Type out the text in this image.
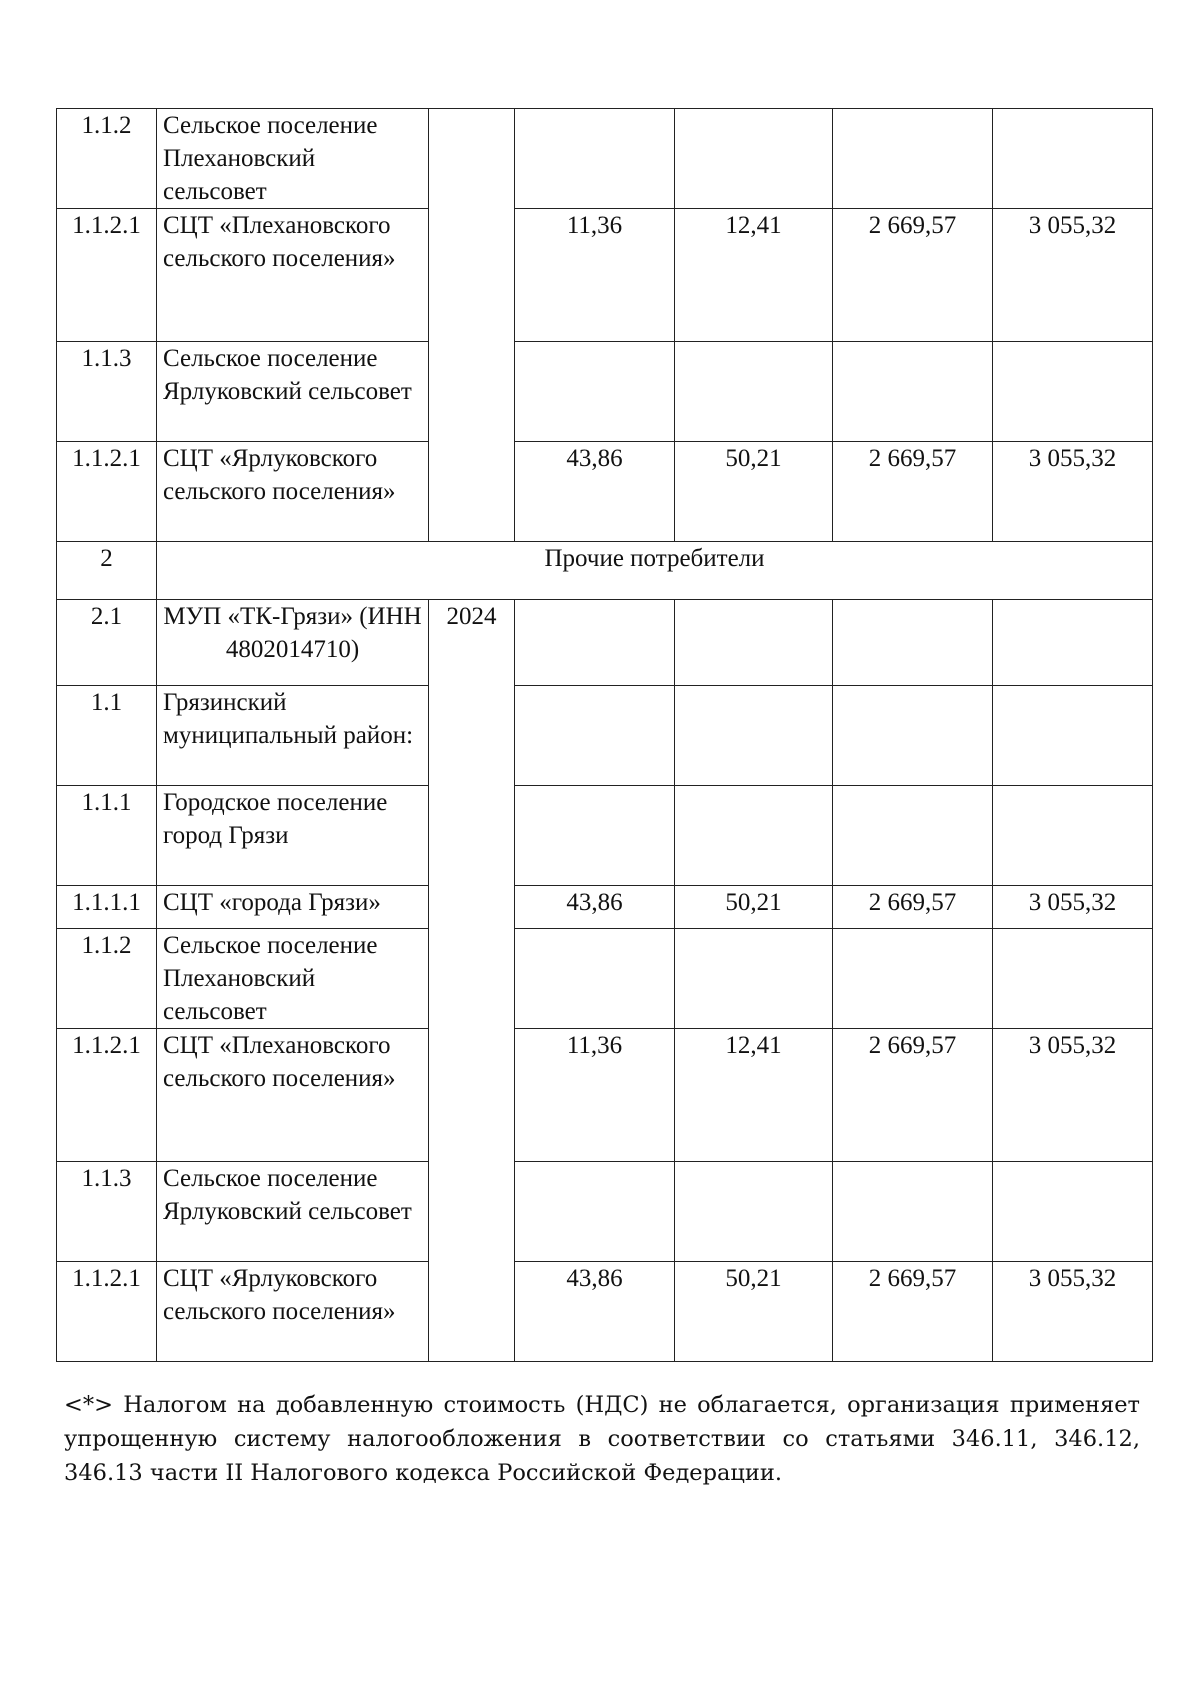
1.1.2	Сельское поселение Плехановский сельсовет					
1.1.2.1	СЦТ «Плехановского сельского поселения»		11,36	12,41	2 669,57	3 055,32
1.1.3	Сельское поселение Ярлуковский сельсовет					
1.1.2.1	СЦТ «Ярлуковского сельского поселения»		43,86	50,21	2 669,57	3 055,32
2	Прочие потребители					
2.1	МУП «ТК-Грязи» (ИНН 4802014710)	2024				
1.1	Грязинский муниципальный район:					
1.1.1	Городское поселение город Грязи					
1.1.1.1	СЦТ «города Грязи»		43,86	50,21	2 669,57	3 055,32
1.1.2	Сельское поселение Плехановский сельсовет					
1.1.2.1	СЦТ «Плехановского сельского поселения»		11,36	12,41	2 669,57	3 055,32
1.1.3	Сельское поселение Ярлуковский сельсовет					
1.1.2.1	СЦТ «Ярлуковского сельского поселения»		43,86	50,21	2 669,57	3 055,32

<*> Налогом на добавленную стоимость (НДС) не облагается, организация применяет упрощенную систему налогообложения в соответствии со статьями 346.11, 346.12, 346.13 части II Налогового кодекса Российской Федерации.
